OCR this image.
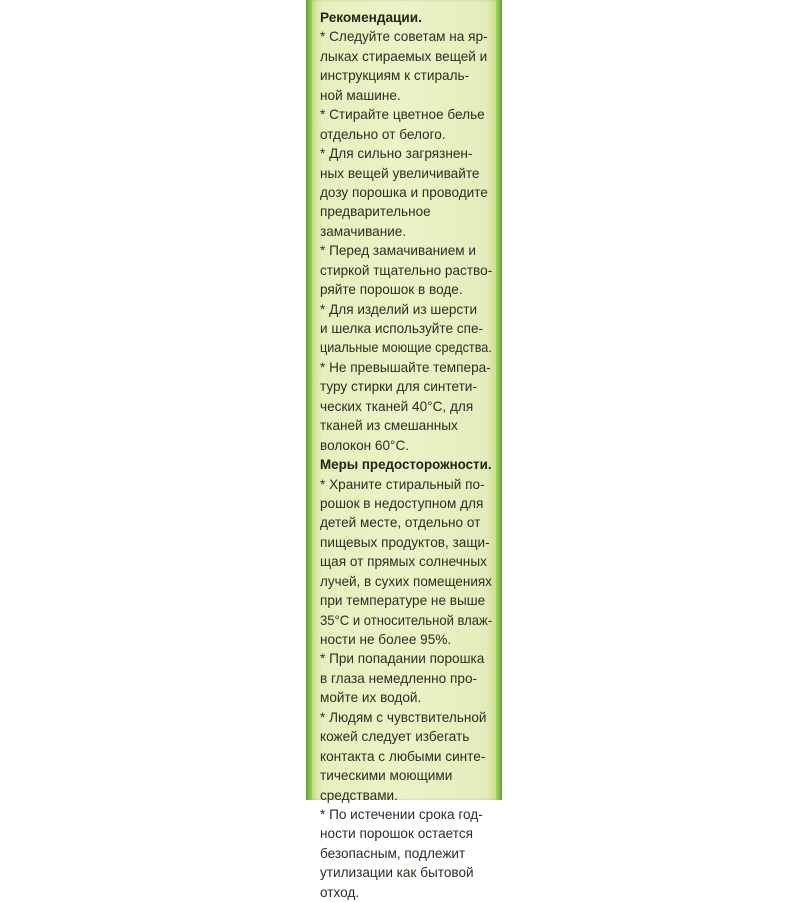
Рекомендации.
* Следуйте советам на яр-
лыках стираемых вещей и
инструкциям к стираль-
ной машине.
* Стирайте цветное белье
отдельно от белого.
* Для сильно загрязнен-
ных вещей увеличивайте
дозу порошка и проводите
предварительное
замачивание.
* Перед замачиванием и
стиркой тщательно раство-
ряйте порошок в воде.
* Для изделий из шерсти
и шелка используйте спе-
циальные моющие средства.
* Не превышайте темпера-
туру стирки для синтети-
ческих тканей 40°С, для
тканей из смешанных
волокон 60°С.
Меры предосторожности.
* Храните стиральный по-
рошок в недоступном для
детей месте, отдельно от
пищевых продуктов, защи-
щая от прямых солнечных
лучей, в сухих помещениях
при температуре не выше
35°С и относительной влаж-
ности не более 95%.
* При попадании порошка
в глаза немедленно про-
мойте их водой.
* Людям с чувствительной
кожей следует избегать
контакта с любыми синте-
тическими моющими
средствами.
* По истечении срока год-
ности порошок остается
безопасным, подлежит
утилизации как бытовой
отход.
